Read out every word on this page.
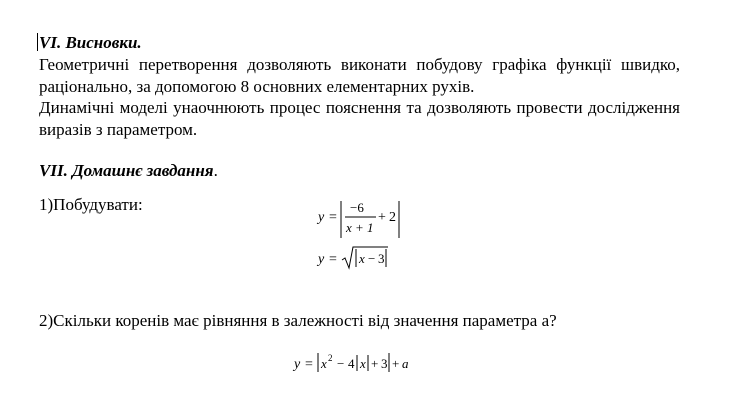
VI. Висновки.
Геометричні перетворення дозволяють виконати побудову графіка функції швидко, раціонально, за допомогою 8 основних елементарних рухів.
Динамічні моделі унаочнюють процес пояснення та дозволяють провести дослідження виразів з параметром.
VII. Домашнє завдання.
1)Побудувати:
y =
−6
x + 1
+ 2
y = x − 3
2)Скільки коренів має рівняння в залежності від значення параметра а?
y = x 2 − 4 x + 3 + a
